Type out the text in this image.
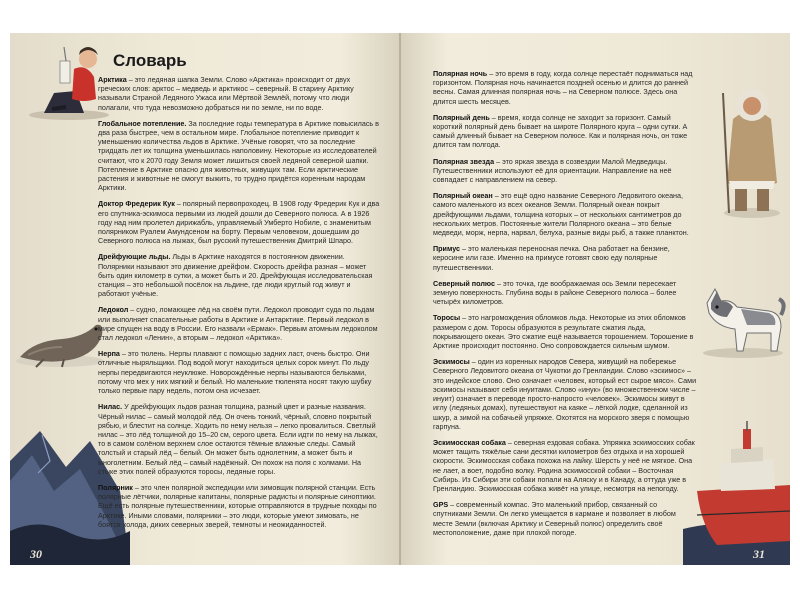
Словарь
Арктика – это ледяная шапка Земли. Слово «Арктика» происходит от двух греческих слов: арктос – медведь и арктикос – северный. В старину Арктику называли Страной Ледяного Ужаса или Мёртвой Землёй, потому что люди полагали, что туда невозможно добраться ни по земле, ни по воде.
Глобальное потепление. За последние годы температура в Арктике повысилась в два раза быстрее, чем в остальном мире. Глобальное потепление приводит к уменьшению количества льдов в Арктике. Учёные говорят, что за последние тридцать лет их толщина уменьшилась наполовину. Некоторые из исследователей считают, что к 2070 году Земля может лишиться своей ледяной северной шапки. Потепление в Арктике опасно для животных, живущих там. Если арктические растения и животные не смогут выжить, то трудно придётся коренным народам Арктики.
Доктор Фредерик Кук – полярный первопроходец. В 1908 году Фредерик Кук и два его спутника-эскимоса первыми из людей дошли до Северного полюса. А в 1926 году над ним пролетел дирижабль, управляемый Умберто Нобиле, с знаменитым полярником Руалем Амундсеном на борту. Первым человеком, дошедшим до Северного полюса на лыжах, был русский путешественник Дмитрий Шпаро.
Дрейфующие льды. Льды в Арктике находятся в постоянном движении. Полярники называют это движение дрейфом. Скорость дрейфа разная – может быть один километр в сутки, а может быть и 20. Дрейфующая исследовательская станция – это небольшой посёлок на льдине, где люди круглый год живут и работают учёные.
Ледокол – судно, ломающее лёд на своём пути. Ледокол проводит суда по льдам или выполняет спасательные работы в Арктике и Антарктике. Первый ледокол в мире спущен на воду в России. Его назвали «Ермак». Первым атомным ледоколом стал ледокол «Ленин», а вторым – ледокол «Арктика».
Нерпа – это тюлень. Нерпы плавают с помощью задних ласт, очень быстро. Они отличные ныряльщики. Под водой могут находиться целых сорок минут. По льду нерпы передвигаются неуклюже. Новорождённые нерпы называются бельками, потому что мех у них мягкий и белый. Но маленькие тюленята носят такую шубку только первые пару недель, потом она исчезает.
Нилас. У дрейфующих льдов разная толщина, разный цвет и разные названия. Чёрный нилас – самый молодой лёд. Он очень тонкий, чёрный, словно покрытый рябью, и блестит на солнце. Ходить по нему нельзя – легко провалиться. Светлый нилас – это лёд толщиной до 15–20 см, серого цвета. Если идти по нему на лыжах, то в самом солёном верхнем слое остаются тёмные влажные следы. Самый толстый и старый лёд – белый. Он может быть однолетним, а может быть и многолетним. Белый лёд – самый надёжный. Он похож на поля с холмами. На стыке этих полей образуются торосы, ледяные горы.
Полярник – это член полярной экспедиции или зимовщик полярной станции. Есть полярные лётчики, полярные капитаны, полярные радисты и полярные синоптики. Ещё есть полярные путешественники, которые отправляются в трудные походы по Арктике. Иными словами, полярники – это люди, которые умеют зимовать, не боятся холода, диких северных зверей, темноты и неожиданностей.
30
Полярная ночь – это время в году, когда солнце перестаёт подниматься над горизонтом. Полярная ночь начинается поздней осенью и длится до ранней весны. Самая длинная полярная ночь – на Северном полюсе. Здесь она длится шесть месяцев.
Полярный день – время, когда солнце не заходит за горизонт. Самый короткий полярный день бывает на широте Полярного круга – одни сутки. А самый длинный бывает на Северном полюсе. Как и полярная ночь, он тоже длится там полгода.
Полярная звезда – это яркая звезда в созвездии Малой Медведицы. Путешественники используют её для ориентации. Направление на неё совпадает с направлением на север.
Полярный океан – это ещё одно название Северного Ледовитого океана, самого маленького из всех океанов Земли. Полярный океан покрыт дрейфующими льдами, толщина которых – от нескольких сантиметров до нескольких метров. Постоянные жители Полярного океана – это белые медведи, морж, нерпа, нарвал, белуха, разные виды рыб, а также планктон.
Примус – это маленькая переносная печка. Она работает на бензине, керосине или газе. Именно на примусе готовят свою еду полярные путешественники.
Северный полюс – это точка, где воображаемая ось Земли пересекает земную поверхность. Глубина воды в районе Северного полюса – более четырёх километров.
Торосы – это нагромождения обломков льда. Некоторые из этих обломков размером с дом. Торосы образуются в результате сжатия льда, покрывающего океан. Это сжатие ещё называется торошением. Торошение в Арктике происходит постоянно. Оно сопровождается сильным шумом.
Эскимосы – один из коренных народов Севера, живущий на побережье Северного Ледовитого океана от Чукотки до Гренландии. Слово «эскимос» – это индейское слово. Оно означает «человек, который ест сырое мясо». Сами эскимосы называют себя инуитами. Слово «инук» (во множественном числе – инуит) означает в переводе просто-напросто «человек». Эскимосы живут в иглу (ледяных домах), путешествуют на каяке – лёгкой лодке, сделанной из шкур, а зимой на собачьей упряжке. Охотятся на морского зверя с помощью гарпуна.
Эскимосская собака – северная ездовая собака. Упряжка эскимосских собак может тащить тяжёлые сани десятки километров без отдыха и на хорошей скорости. Эскимосская собака похожа на лайку. Шерсть у неё не мягкое. Она не лает, а воет, подобно волку. Родина эскимосской собаки – Восточная Сибирь. Из Сибири эти собаки попали на Аляску и в Канаду, а оттуда уже в Гренландию. Эскимосская собака живёт на улице, несмотря на непогоду.
GPS – современный компас. Это маленький прибор, связанный со спутниками Земли. Он легко умещается в кармане и позволяет в любом месте Земли (включая Арктику и Северный полюс) определить своё местоположение, даже при плохой погоде.
31
